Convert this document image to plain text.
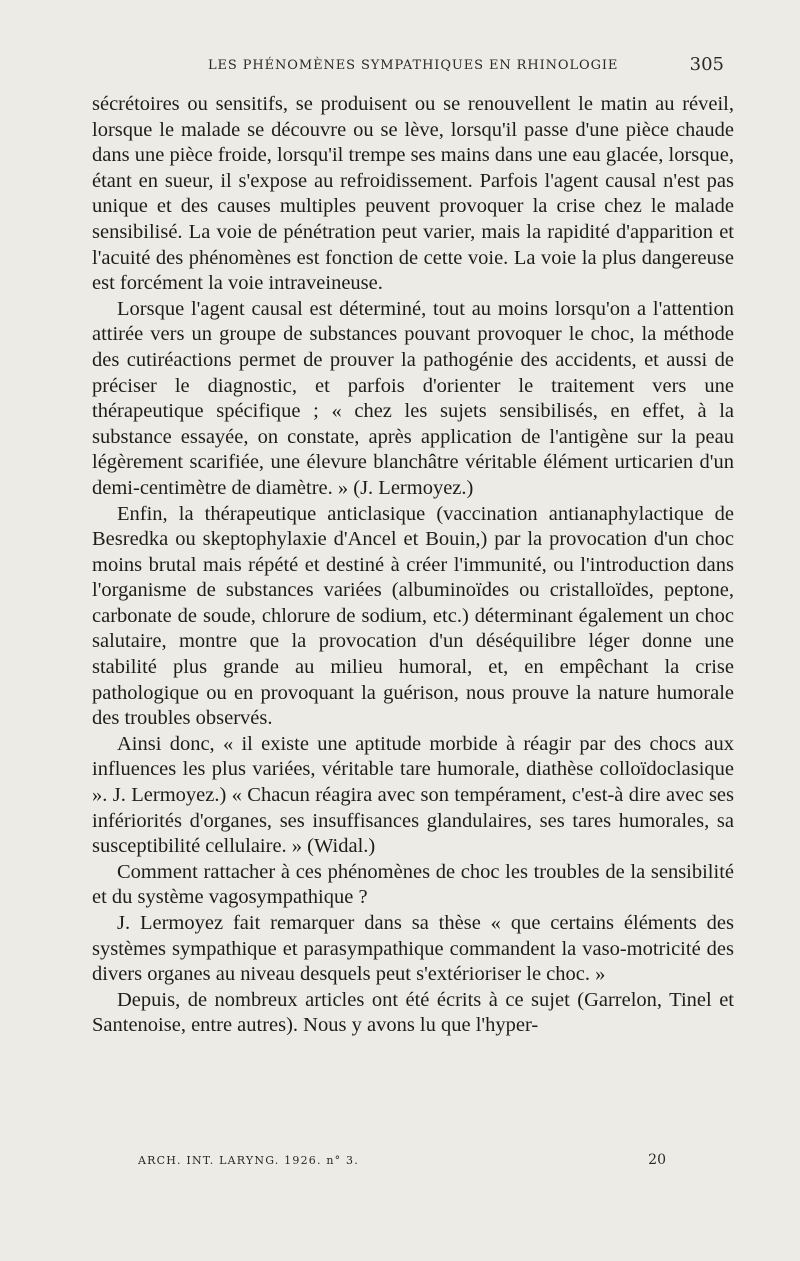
LES PHÉNOMÈNES SYMPATHIQUES EN RHINOLOGIE	305

sécrétoires ou sensitifs, se produisent ou se renouvellent le matin au réveil, lorsque le malade se découvre ou se lève, lorsqu'il passe d'une pièce chaude dans une pièce froide, lorsqu'il trempe ses mains dans une eau glacée, lorsque, étant en sueur, il s'expose au refroidissement. Parfois l'agent causal n'est pas unique et des causes multiples peuvent provoquer la crise chez le malade sensibilisé. La voie de pénétration peut varier, mais la rapidité d'apparition et l'acuité des phénomènes est fonction de cette voie. La voie la plus dangereuse est forcément la voie intraveineuse.

Lorsque l'agent causal est déterminé, tout au moins lorsqu'on a l'attention attirée vers un groupe de substances pouvant provoquer le choc, la méthode des cutiréactions permet de prouver la pathogénie des accidents, et aussi de préciser le diagnostic, et parfois d'orienter le traitement vers une thérapeutique spécifique ; « chez les sujets sensibilisés, en effet, à la substance essayée, on constate, après application de l'antigène sur la peau légèrement scarifiée, une élevure blanchâtre véritable élément urticarien d'un demi-centimètre de diamètre. » (J. Lermoyez.)

Enfin, la thérapeutique anticlasique (vaccination antianaphylactique de Besredka ou skeptophylaxie d'Ancel et Bouin,) par la provocation d'un choc moins brutal mais répété et destiné à créer l'immunité, ou l'introduction dans l'organisme de substances variées (albuminoïdes ou cristalloïdes, peptone, carbonate de soude, chlorure de sodium, etc.) déterminant également un choc salutaire, montre que la provocation d'un déséquilibre léger donne une stabilité plus grande au milieu humoral, et, en empêchant la crise pathologique ou en provoquant la guérison, nous prouve la nature humorale des troubles observés.

Ainsi donc, « il existe une aptitude morbide à réagir par des chocs aux influences les plus variées, véritable tare humorale, diathèse colloïdoclasique ». J. Lermoyez.) « Chacun réagira avec son tempérament, c'est-à dire avec ses infériorités d'organes, ses insuffisances glandulaires, ses tares humorales, sa susceptibilité cellulaire. » (Widal.)

Comment rattacher à ces phénomènes de choc les troubles de la sensibilité et du système vagosympathique ?

J. Lermoyez fait remarquer dans sa thèse « que certains éléments des systèmes sympathique et parasympathique commandent la vaso-motricité des divers organes au niveau desquels peut s'extérioriser le choc. »

Depuis, de nombreux articles ont été écrits à ce sujet (Garrelon, Tinel et Santenoise, entre autres). Nous y avons lu que l'hyper-

ARCH. INT. LARYNG. 1926. n° 3.	20
